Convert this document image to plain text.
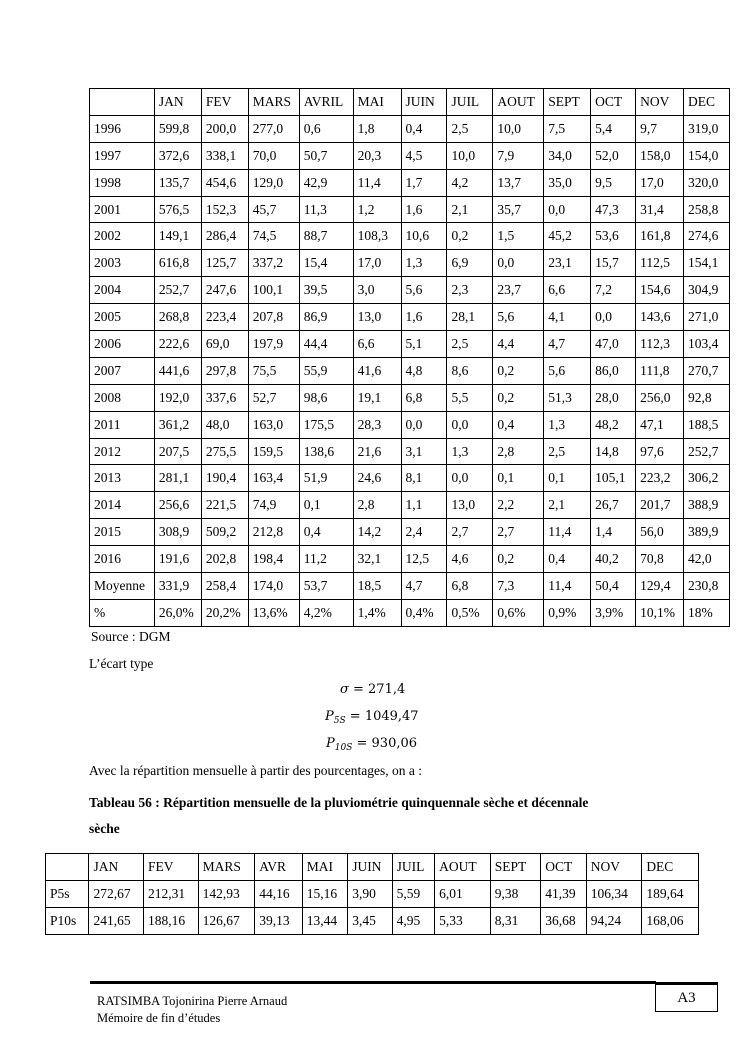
	JAN	FEV	MARS	AVRIL	MAI	JUIN	JUIL	AOUT	SEPT	OCT	NOV	DEC
1996	599,8	200,0	277,0	0,6	1,8	0,4	2,5	10,0	7,5	5,4	9,7	319,0
1997	372,6	338,1	70,0	50,7	20,3	4,5	10,0	7,9	34,0	52,0	158,0	154,0
1998	135,7	454,6	129,0	42,9	11,4	1,7	4,2	13,7	35,0	9,5	17,0	320,0
2001	576,5	152,3	45,7	11,3	1,2	1,6	2,1	35,7	0,0	47,3	31,4	258,8
2002	149,1	286,4	74,5	88,7	108,3	10,6	0,2	1,5	45,2	53,6	161,8	274,6
2003	616,8	125,7	337,2	15,4	17,0	1,3	6,9	0,0	23,1	15,7	112,5	154,1
2004	252,7	247,6	100,1	39,5	3,0	5,6	2,3	23,7	6,6	7,2	154,6	304,9
2005	268,8	223,4	207,8	86,9	13,0	1,6	28,1	5,6	4,1	0,0	143,6	271,0
2006	222,6	69,0	197,9	44,4	6,6	5,1	2,5	4,4	4,7	47,0	112,3	103,4
2007	441,6	297,8	75,5	55,9	41,6	4,8	8,6	0,2	5,6	86,0	111,8	270,7
2008	192,0	337,6	52,7	98,6	19,1	6,8	5,5	0,2	51,3	28,0	256,0	92,8
2011	361,2	48,0	163,0	175,5	28,3	0,0	0,0	0,4	1,3	48,2	47,1	188,5
2012	207,5	275,5	159,5	138,6	21,6	3,1	1,3	2,8	2,5	14,8	97,6	252,7
2013	281,1	190,4	163,4	51,9	24,6	8,1	0,0	0,1	0,1	105,1	223,2	306,2
2014	256,6	221,5	74,9	0,1	2,8	1,1	13,0	2,2	2,1	26,7	201,7	388,9
2015	308,9	509,2	212,8	0,4	14,2	2,4	2,7	2,7	11,4	1,4	56,0	389,9
2016	191,6	202,8	198,4	11,2	32,1	12,5	4,6	0,2	0,4	40,2	70,8	42,0
Moyenne	331,9	258,4	174,0	53,7	18,5	4,7	6,8	7,3	11,4	50,4	129,4	230,8
%	26,0%	20,2%	13,6%	4,2%	1,4%	0,4%	0,5%	0,6%	0,9%	3,9%	10,1%	18%
Source : DGM
L’écart type
σ = 271,4
$P_{5S} = 1049,47$
$P_{10S} = 930,06$
Avec la répartition mensuelle à partir des pourcentages, on a :
Tableau 56 : Répartition mensuelle de la pluviométrie quinquennale sèche et décennale
sèche
	JAN	FEV	MARS	AVR	MAI	JUIN	JUIL	AOUT	SEPT	OCT	NOV	DEC
P5s	272,67	212,31	142,93	44,16	15,16	3,90	5,59	6,01	9,38	41,39	106,34	189,64
P10s	241,65	188,16	126,67	39,13	13,44	3,45	4,95	5,33	8,31	36,68	94,24	168,06
A3
RATSIMBA Tojonirina Pierre Arnaud
Mémoire de fin d’études
